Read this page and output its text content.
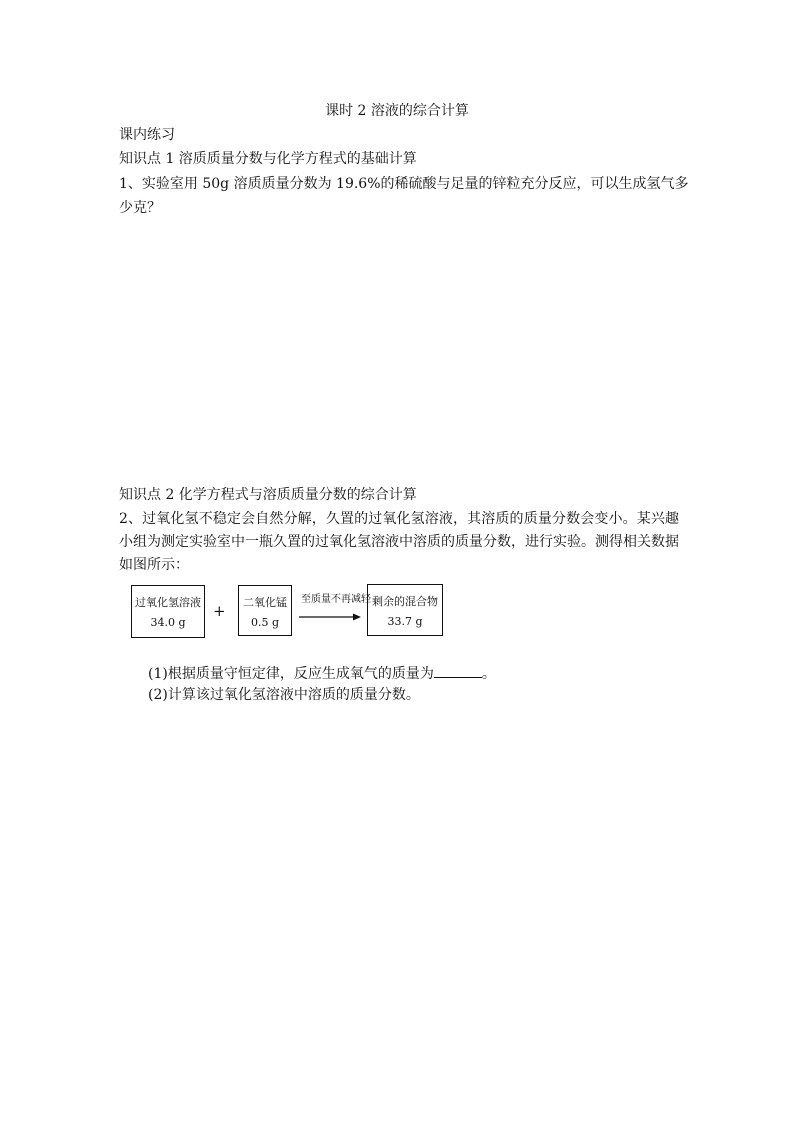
课时 2 溶液的综合计算
课内练习
知识点 1 溶质质量分数与化学方程式的基础计算
1、实验室用 50g 溶质质量分数为 19.6%的稀硫酸与足量的锌粒充分反应，可以生成氢气多
少克？
知识点 2 化学方程式与溶质质量分数的综合计算
2、过氧化氢不稳定会自然分解，久置的过氧化氢溶液，其溶质的质量分数会变小。某兴趣
小组为测定实验室中一瓶久置的过氧化氢溶液中溶质的质量分数，进行实验。测得相关数据
如图所示：
过氧化氢溶液
34.0 g
+	二氧化锰
0.5 g
至质量不再减轻 剩余的混合物
33.7 g
(1)根据质量守恒定律，反应生成氧气的质量为	。
(2)计算该过氧化氢溶液中溶质的质量分数。
